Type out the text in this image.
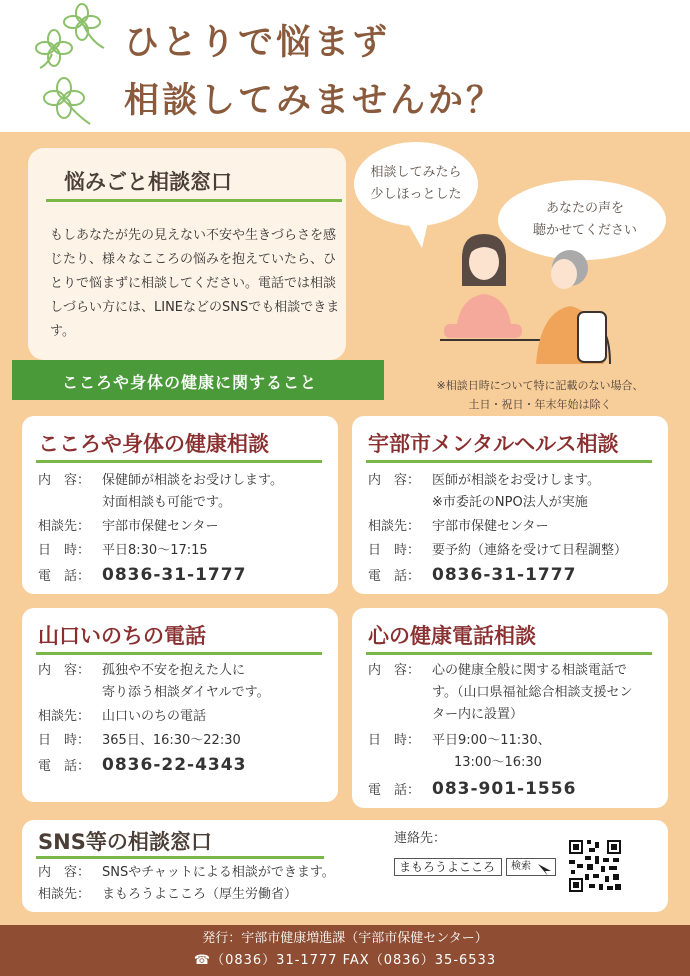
ひとりで悩まず
相談してみませんか？
悩みごと相談窓口
もしあなたが先の見えない不安や生きづらさを感じたり、様々なこころの悩みを抱えていたら、ひとりで悩まずに相談してください。電話では相談しづらい方には、LINEなどのSNSでも相談できます。
相談してみたら
少しほっとした
あなたの声を
聴かせてください
こころや身体の健康に関すること	※相談日時について特に記載のない場合、
土日・祝日・年末年始は除く
こころや身体の健康相談
内　容： 保健師が相談をお受けします。
対面相談も可能です。
相談先： 宇部市保健センター
日　時： 平日8:30〜17:15
電　話： 0836-31-1777
宇部市メンタルヘルス相談
内　容： 医師が相談をお受けします。
※市委託のNPO法人が実施
相談先： 宇部市保健センター
日　時： 要予約（連絡を受けて日程調整）
電　話： 0836-31-1777
山口いのちの電話
内　容： 孤独や不安を抱えた人に
寄り添う相談ダイヤルです。
相談先： 山口いのちの電話
日　時： 365日、16:30〜22:30
電　話： 0836-22-4343
心の健康電話相談
内　容： 心の健康全般に関する相談電話で
す。（山口県福祉総合相談支援セン
ター内に設置）
日　時： 平日9:00〜11:30、
13:00〜16:30
電　話： 083-901-1556
SNS等の相談窓口
内　容： SNSやチャットによる相談ができます。
相談先： まもろうよこころ（厚生労働省）
連絡先：
まもろうよこころ	検索
発行：宇部市健康増進課（宇部市保健センター）
☎（0836）31-1777 FAX（0836）35-6533
